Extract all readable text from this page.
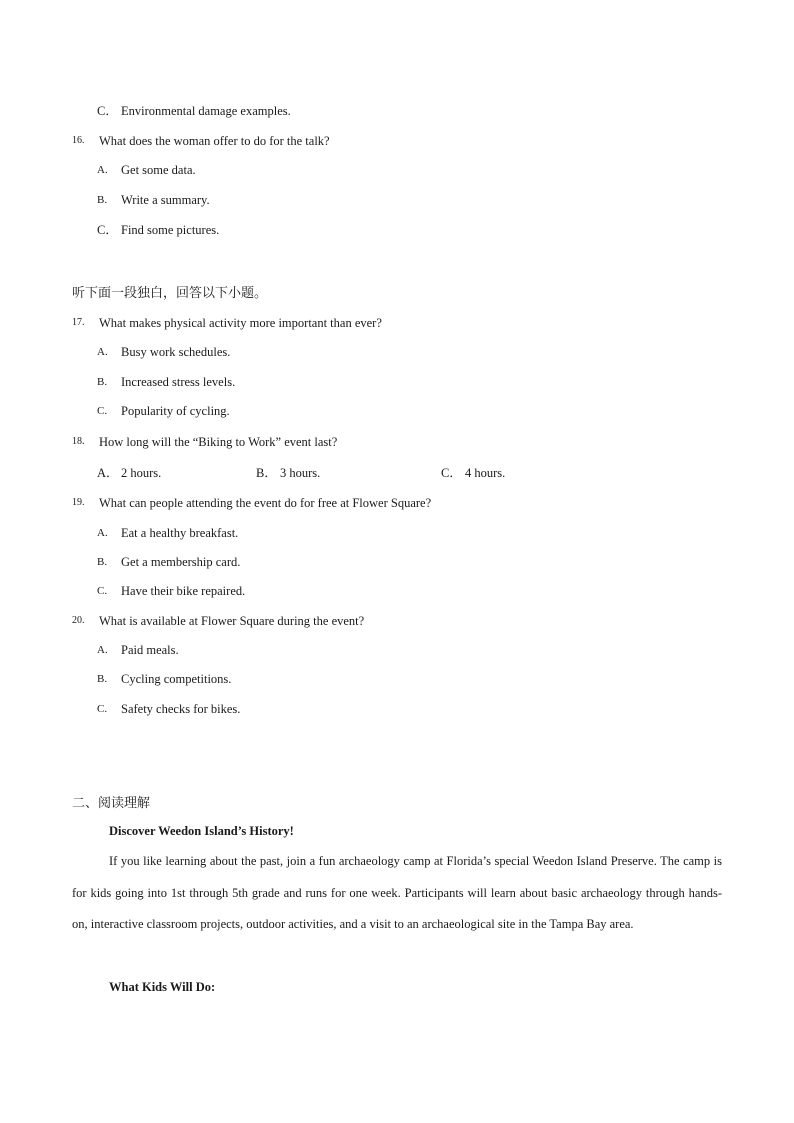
C． Environmental damage examples.
16. What does the woman offer to do for the talk?
A. Get some data.
B. Write a summary.
C． Find some pictures.
听下面一段独白，回答以下小题。
17. What makes physical activity more important than ever?
A. Busy work schedules.
B. Increased stress levels.
C. Popularity of cycling.
18. How long will the “Biking to Work” event last?
A． 2 hours.	B． 3 hours.	C． 4 hours.
19. What can people attending the event do for free at Flower Square?
A. Eat a healthy breakfast.
B. Get a membership card.
C. Have their bike repaired.
20. What is available at Flower Square during the event?
A. Paid meals.
B. Cycling competitions.
C. Safety checks for bikes.
二、阅读理解
Discover Weedon Island’s History!
If you like learning about the past, join a fun archaeology camp at Florida’s special Weedon Island Preserve. The camp is for kids going into 1st through 5th grade and runs for one week. Participants will learn about basic archaeology through hands-on, interactive classroom projects, outdoor activities, and a visit to an archaeological site in the Tampa Bay area.
What Kids Will Do:
